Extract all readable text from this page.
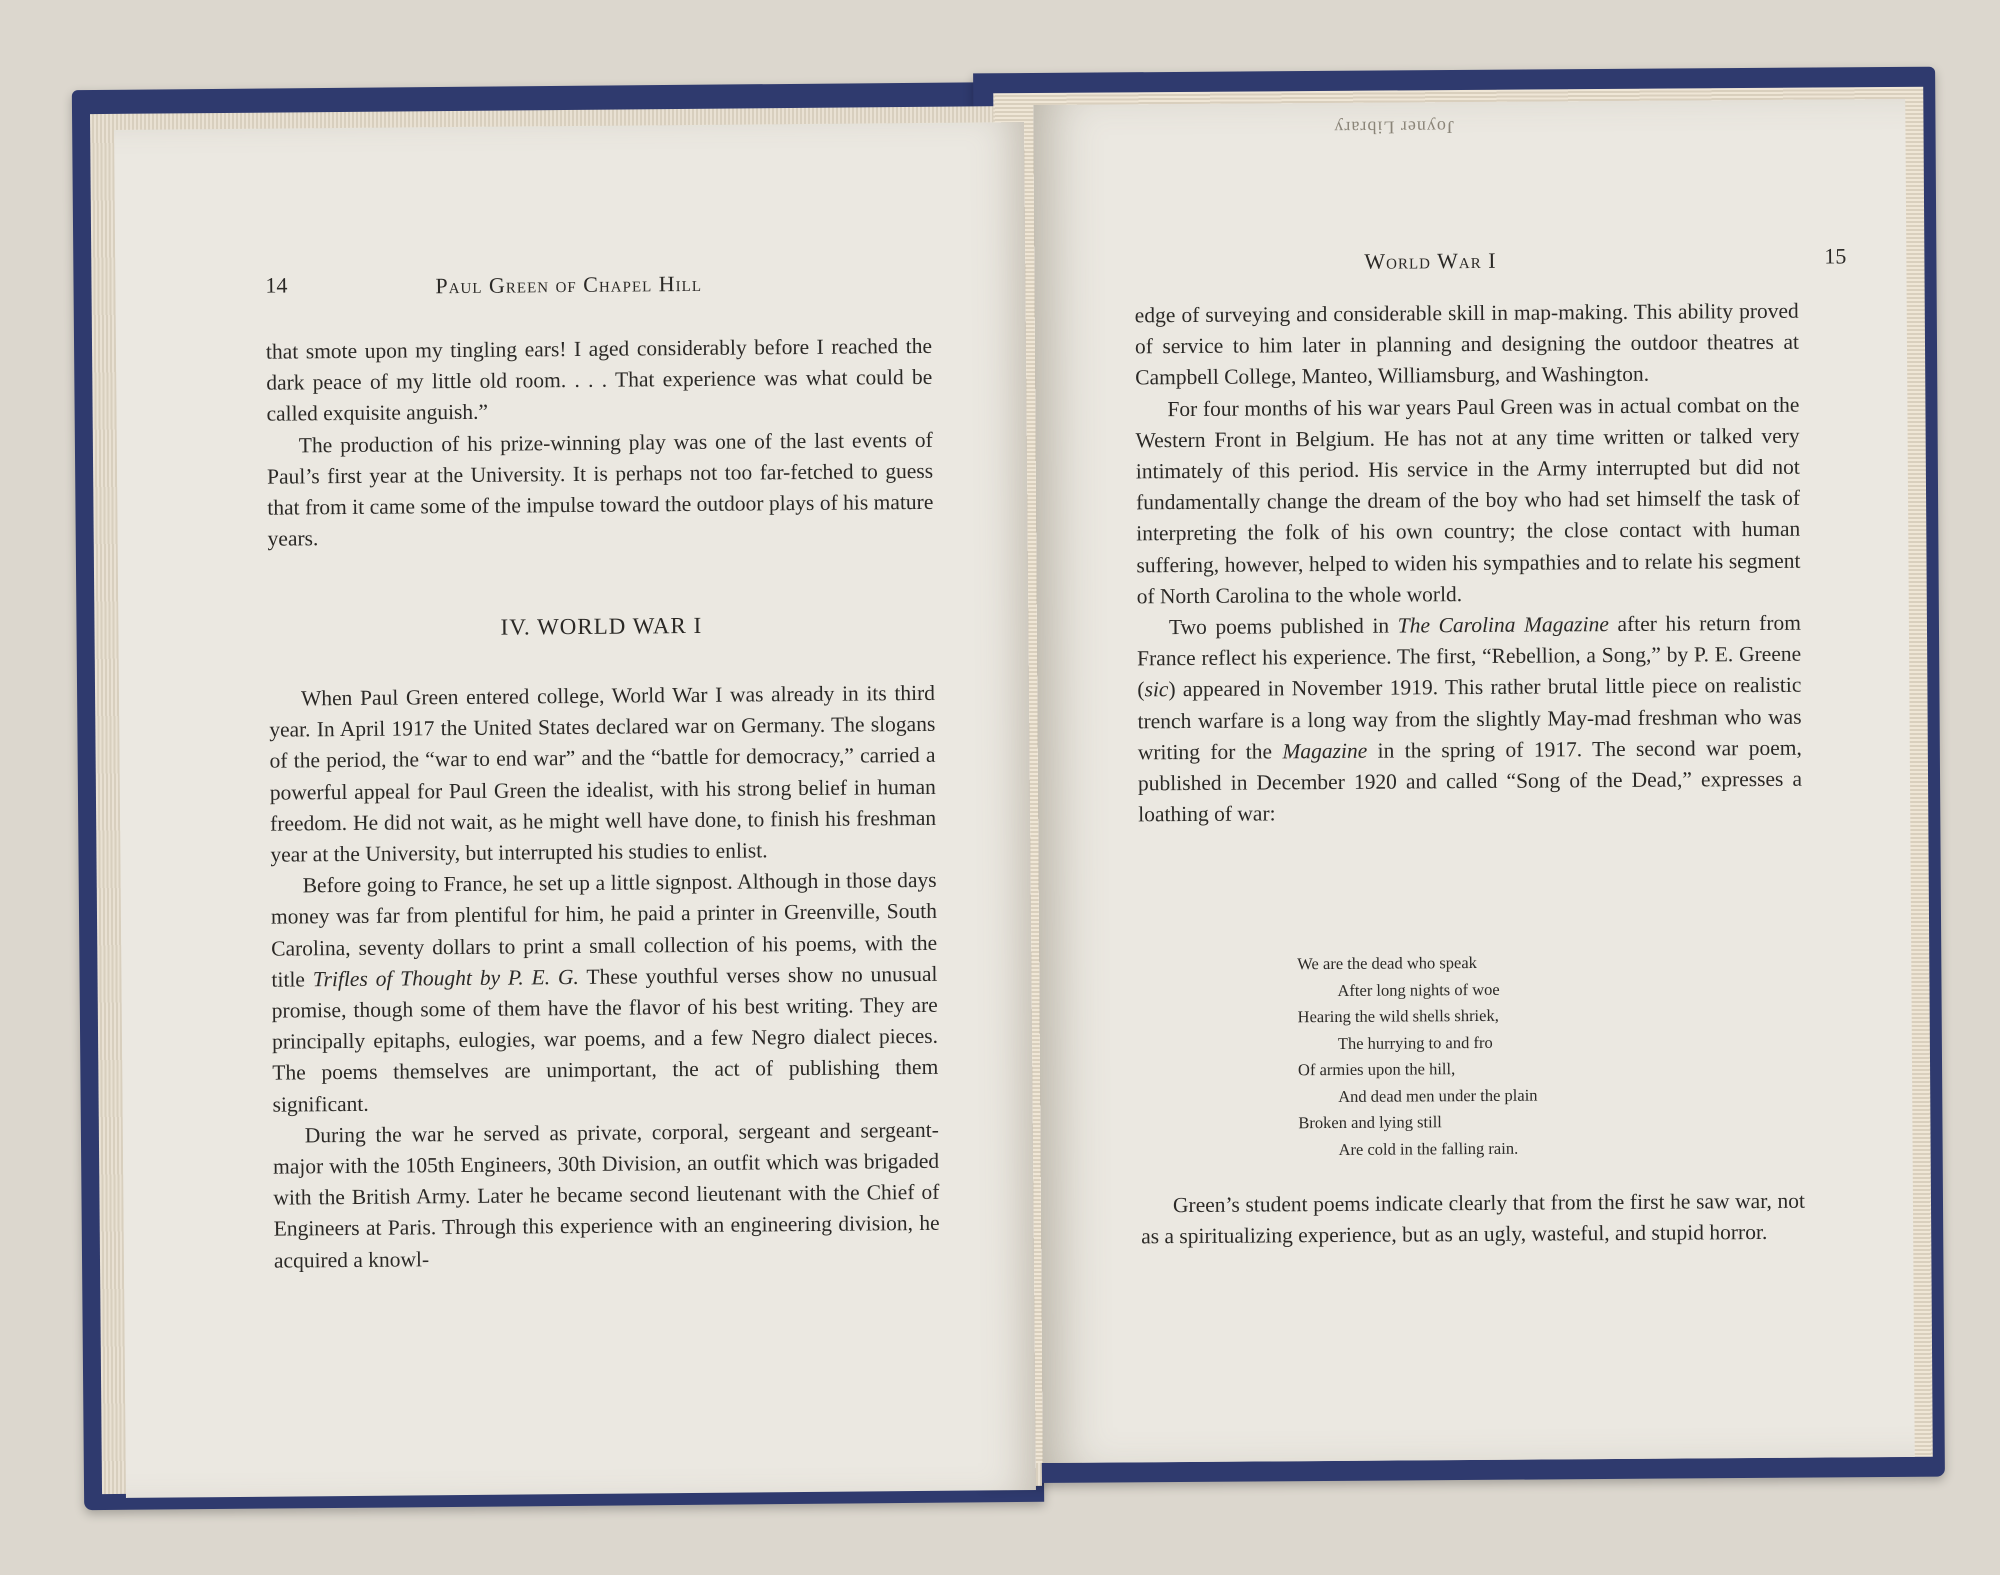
14	Paul Green of Chapel Hill

that smote upon my tingling ears! I aged considerably before I reached the dark peace of my little old room. . . . That experience was what could be called exquisite anguish.”

The production of his prize-winning play was one of the last events of Paul’s first year at the University. It is perhaps not too far-fetched to guess that from it came some of the impulse toward the outdoor plays of his mature years.

IV. WORLD WAR I

When Paul Green entered college, World War I was already in its third year. In April 1917 the United States declared war on Germany. The slogans of the period, the “war to end war” and the “battle for democracy,” carried a powerful appeal for Paul Green the idealist, with his strong belief in human freedom. He did not wait, as he might well have done, to finish his freshman year at the University, but interrupted his studies to enlist.

Before going to France, he set up a little signpost. Although in those days money was far from plentiful for him, he paid a printer in Greenville, South Carolina, seventy dollars to print a small collection of his poems, with the title Trifles of Thought by P. E. G. These youthful verses show no unusual promise, though some of them have the flavor of his best writing. They are principally epitaphs, eulogies, war poems, and a few Negro dialect pieces. The poems themselves are unimportant, the act of publishing them significant.

During the war he served as private, corporal, sergeant and sergeant-major with the 105th Engineers, 30th Division, an outfit which was brigaded with the British Army. Later he became second lieutenant with the Chief of Engineers at Paris. Through this experience with an engineering division, he acquired a knowl-

Joyner Library
World War I	15

edge of surveying and considerable skill in map-making. This ability proved of service to him later in planning and designing the outdoor theatres at Campbell College, Manteo, Williamsburg, and Washington.

For four months of his war years Paul Green was in actual combat on the Western Front in Belgium. He has not at any time written or talked very intimately of this period. His service in the Army interrupted but did not fundamentally change the dream of the boy who had set himself the task of interpreting the folk of his own country; the close contact with human suffering, however, helped to widen his sympathies and to relate his segment of North Carolina to the whole world.

Two poems published in The Carolina Magazine after his return from France reflect his experience. The first, “Rebellion, a Song,” by P. E. Greene (sic) appeared in November 1919. This rather brutal little piece on realistic trench warfare is a long way from the slightly May-mad freshman who was writing for the Magazine in the spring of 1917. The second war poem, published in December 1920 and called “Song of the Dead,” expresses a loathing of war:

We are the dead who speak
After long nights of woe
Hearing the wild shells shriek,
The hurrying to and fro
Of armies upon the hill,
And dead men under the plain
Broken and lying still
Are cold in the falling rain.

Green’s student poems indicate clearly that from the first he saw war, not as a spiritualizing experience, but as an ugly, wasteful, and stupid horror.
